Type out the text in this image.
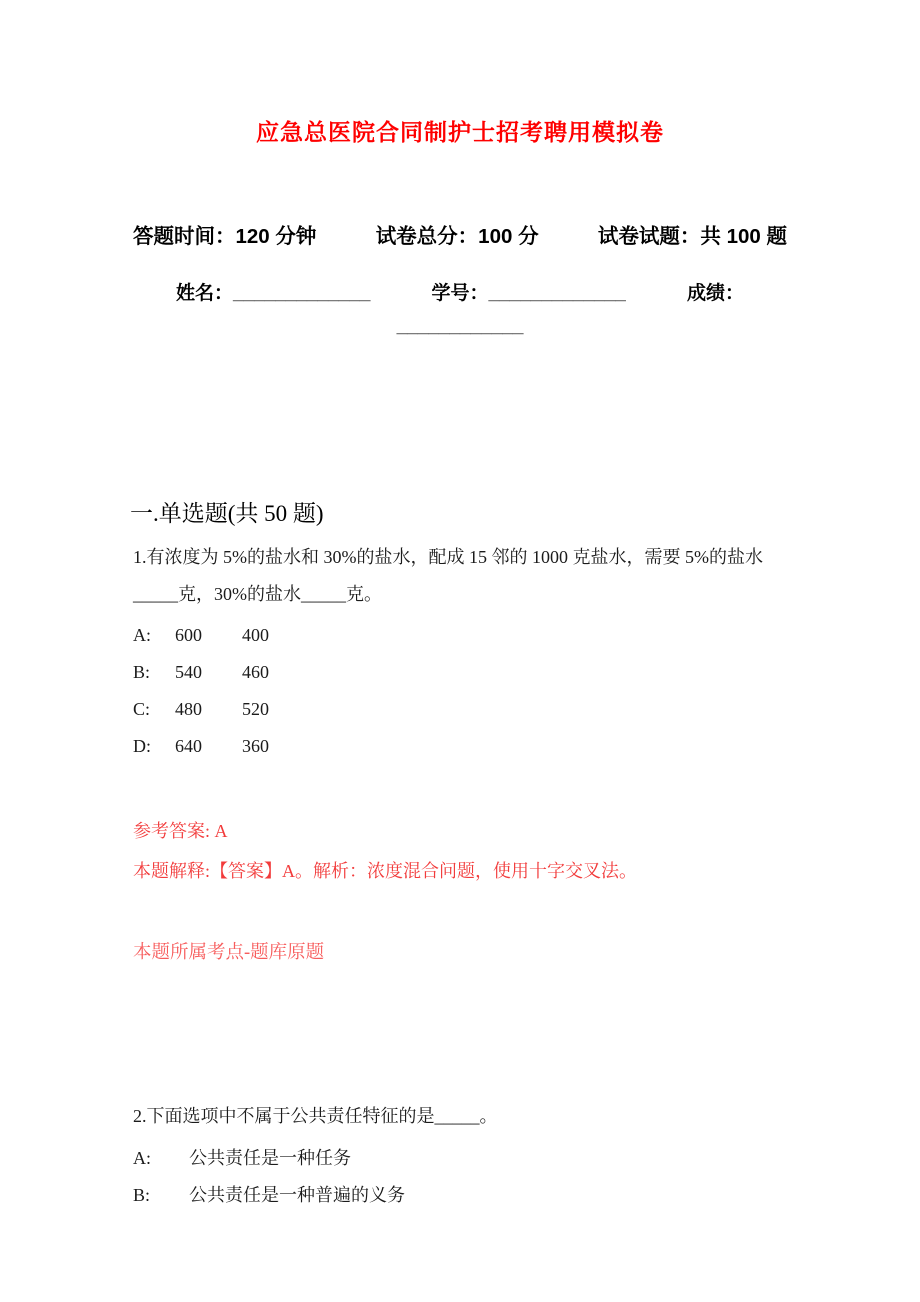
应急总医院合同制护士招考聘用模拟卷
答题时间：120 分钟	试卷总分：100 分	试卷试题：共 100 题
姓名： _____________	学号： _____________	成绩：
____________
一.单选题(共 50 题)
1.有浓度为 5%的盐水和 30%的盐水，配成 15 邻的 1000 克盐水，需要 5%的盐水
_____克，30%的盐水_____克。
A: 600 400
B: 540 460
C: 480 520
D: 640 360
参考答案: A
本题解释:【答案】A。解析：浓度混合问题，使用十字交叉法。
本题所属考点-题库原题
2.下面选项中不属于公共责任特征的是_____。
A: 公共责任是一种任务
B: 公共责任是一种普遍的义务
